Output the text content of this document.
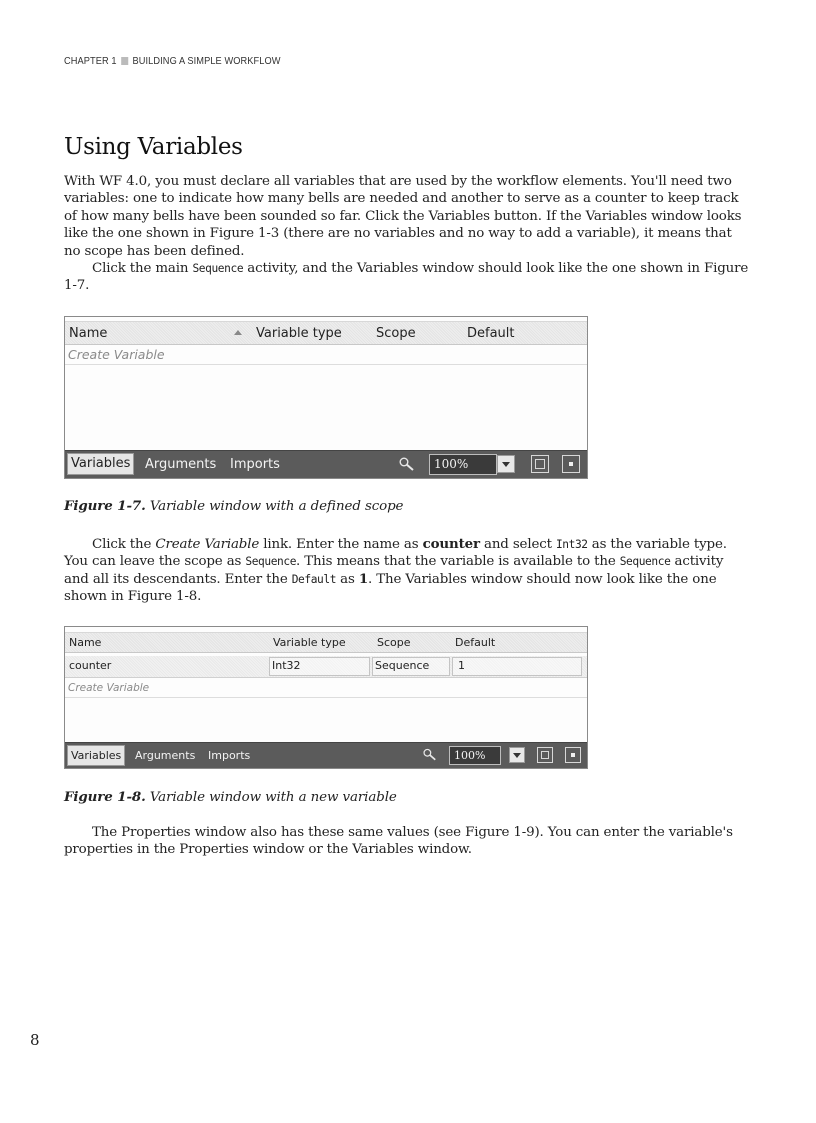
CHAPTER 1 BUILDING A SIMPLE WORKFLOW
Using Variables

With WF 4.0, you must declare all variables that are used by the workflow elements. You'll need two variables: one to indicate how many bells are needed and another to serve as a counter to keep track of how many bells have been sounded so far. Click the Variables button. If the Variables window looks like the one shown in Figure 1-3 (there are no variables and no way to add a variable), it means that no scope has been defined.

Click the main Sequence activity, and the Variables window should look like the one shown in Figure 1-7.

Name	Variable type	Scope	Default
Create Variable
Variables	Arguments Imports	100%

Figure 1-7. Variable window with a defined scope

Click the Create Variable link. Enter the name as counter and select Int32 as the variable type. You can leave the scope as Sequence. This means that the variable is available to the Sequence activity and all its descendants. Enter the Default as 1. The Variables window should now look like the one shown in Figure 1-8.

Name	Variable type	Scope	Default
counter	Int32	Sequence	1
Create Variable
Variables	Arguments Imports	100%

Figure 1-8. Variable window with a new variable

The Properties window also has these same values (see Figure 1-9). You can enter the variable's properties in the Properties window or the Variables window.

8
